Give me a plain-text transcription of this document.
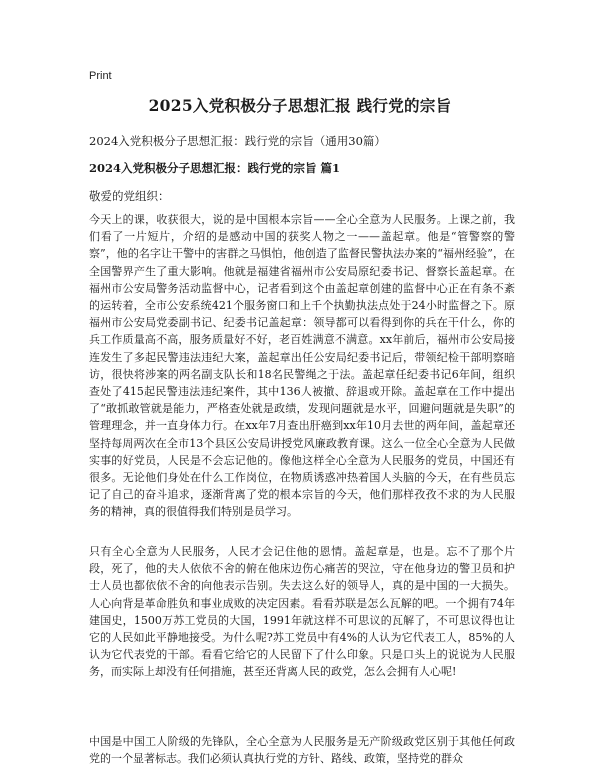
Print
2025入党积极分子思想汇报 践行党的宗旨
2024入党积极分子思想汇报：践行党的宗旨（通用30篇）
2024入党积极分子思想汇报：践行党的宗旨 篇1
敬爱的党组织：
今天上的课，收获很大，说的是中国根本宗旨——全心全意为人民服务。上课之前，我们看了一片短片，介绍的是感动中国的获奖人物之一——盖起章。他是“管警察的警察”，他的名字让干警中的害群之马惧怕，他创造了监督民警执法办案的“福州经验”，在全国警界产生了重大影响。他就是福建省福州市公安局原纪委书记、督察长盖起章。在福州市公安局警务活动监督中心，记者看到这个由盖起章创建的监督中心正在有条不紊的运转着，全市公安系统421个服务窗口和上千个执勤执法点处于24小时监督之下。原福州市公安局党委副书记、纪委书记盖起章：领导都可以看得到你的兵在干什么，你的兵工作质量高不高，服务质量好不好，老百姓满意不满意。xx年前后，福州市公安局接连发生了多起民警违法违纪大案，盖起章出任公安局纪委书记后，带领纪检干部明察暗访，很快将涉案的两名副支队长和18名民警绳之于法。盖起章任纪委书记6年间，组织查处了415起民警违法违纪案件，其中136人被撤、辞退或开除。盖起章在工作中提出了“敢抓敢管就是能力，严格查处就是政绩，发现问题就是水平，回避问题就是失职”的管理理念，并一直身体力行。在xx年7月查出肝癌到xx年10月去世的两年间，盖起章还坚持每周两次在全市13个县区公安局讲授党风廉政教育课。这么一位全心全意为人民做实事的好党员，人民是不会忘记他的。像他这样全心全意为人民服务的党员，中国还有很多。无论他们身处在什么工作岗位，在物质诱惑冲热着国人头脑的今天，在有些员忘记了自己的奋斗追求，逐渐背离了党的根本宗旨的今天，他们那样孜孜不求的为人民服务的精神，真的很值得我们特别是员学习。
只有全心全意为人民服务，人民才会记住他的恩情。盖起章是，也是。忘不了那个片段，死了，他的夫人依依不舍的俯在他床边伤心痛苦的哭泣，守在他身边的警卫员和护士人员也都依依不舍的向他表示告别。失去这么好的领导人，真的是中国的一大损失。人心向背是革命胜负和事业成败的决定因素。看看苏联是怎么瓦解的吧。一个拥有74年建国史，1500万苏工党员的大国，1991年就这样不可思议的瓦解了，不可思议得也让它的人民如此平静地接受。为什么呢?苏工党员中有4%的人认为它代表工人，85%的人认为它代表党的干部。看看它给它的人民留下了什么印象。只是口头上的说说为人民服务，而实际上却没有任何措施，甚至还背离人民的政党，怎么会拥有人心呢!
中国是中国工人阶级的先锋队，全心全意为人民服务是无产阶级政党区别于其他任何政党的一个显著标志。我们必须认真执行党的方针、路线、政策，坚持党的群众
